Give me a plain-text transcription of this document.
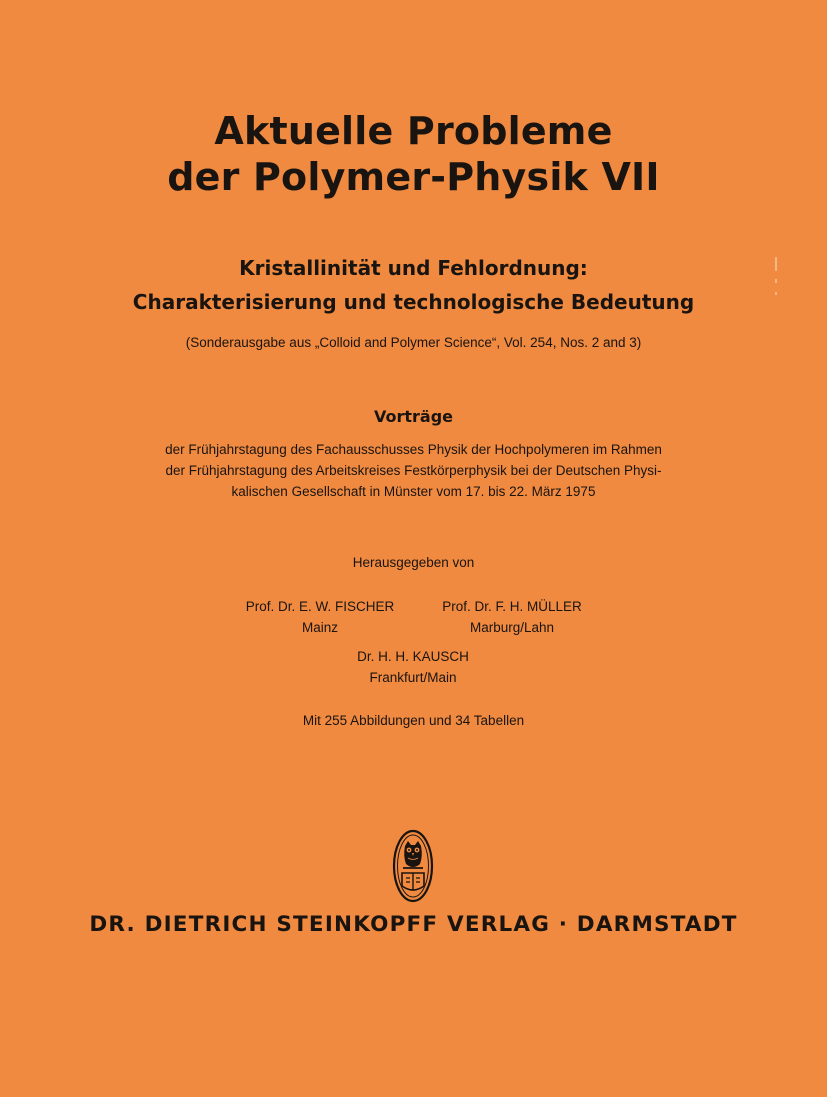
Aktuelle Probleme
der Polymer-Physik VII
Kristallinität und Fehlordnung:
Charakterisierung und technologische Bedeutung
(Sonderausgabe aus „Colloid and Polymer Science“, Vol. 254, Nos. 2 and 3)
Vorträge
der Frühjahrstagung des Fachausschusses Physik der Hochpolymeren im Rahmen
der Frühjahrstagung des Arbeitskreises Festkörperphysik bei der Deutschen Physi-
kalischen Gesellschaft in Münster vom 17. bis 22. März 1975
Herausgegeben von
Prof. Dr. E. W. FISCHER
Mainz
Prof. Dr. F. H. MÜLLER
Marburg/Lahn
Dr. H. H. KAUSCH
Frankfurt/Main
Mit 255 Abbildungen und 34 Tabellen
DR. DIETRICH STEINKOPFF VERLAG · DARMSTADT
